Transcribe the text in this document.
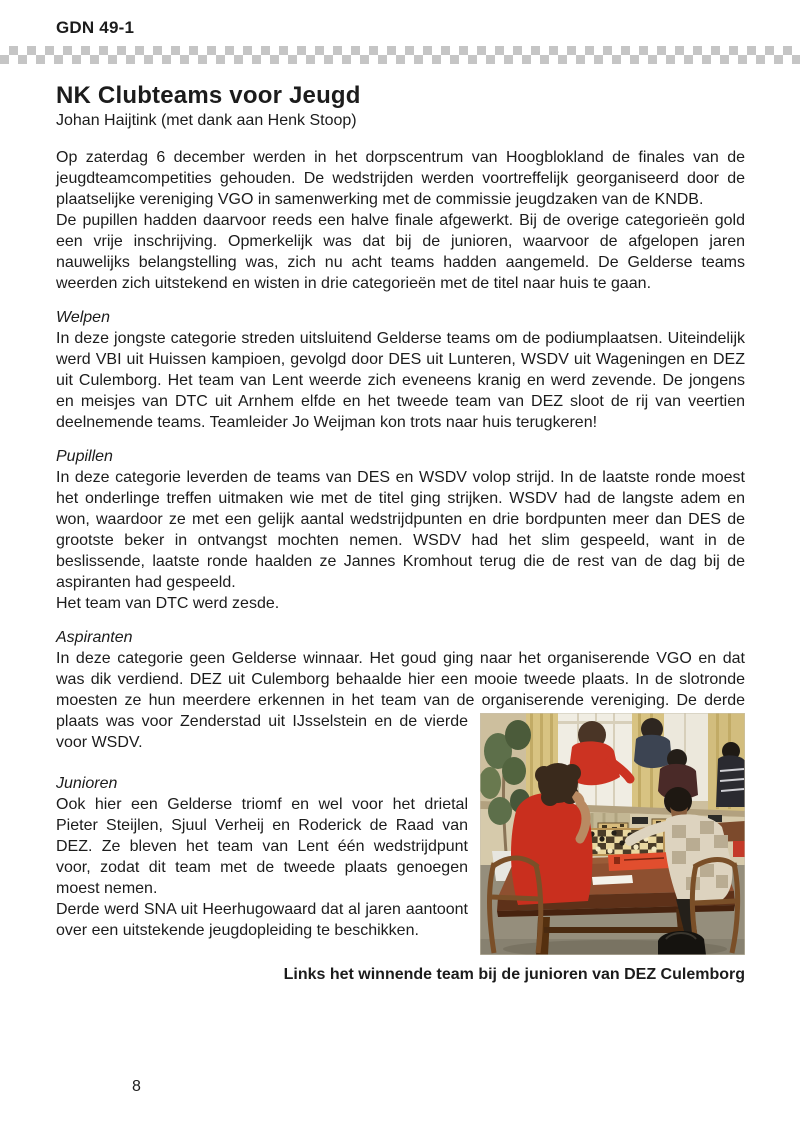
GDN 49-1
NK Clubteams voor Jeugd
Johan Haijtink (met dank aan Henk Stoop)

Op zaterdag 6 december werden in het dorpscentrum van Hoogblokland de finales van de jeugdteamcompetities gehouden. De wedstrijden werden voortreffelijk georganiseerd door de plaatselijke vereniging VGO in samenwerking met de commissie jeugdzaken van de KNDB.

De pupillen hadden daarvoor reeds een halve finale afgewerkt. Bij de overige categorieën gold een vrije inschrijving. Opmerkelijk was dat bij de junioren, waarvoor de afgelopen jaren nauwelijks belangstelling was, zich nu acht teams hadden aangemeld. De Gelderse teams weerden zich uitstekend en wisten in drie categorieën met de titel naar huis te gaan.

Welpen

In deze jongste categorie streden uitsluitend Gelderse teams om de podiumplaatsen. Uiteindelijk werd VBI uit Huissen kampioen, gevolgd door DES uit Lunteren, WSDV uit Wageningen en DEZ uit Culemborg. Het team van Lent weerde zich eveneens kranig en werd zevende. De jongens en meisjes van DTC uit Arnhem elfde en het tweede team van DEZ sloot de rij van veertien deelnemende teams. Teamleider Jo Weijman kon trots naar huis terugkeren!

Pupillen

In deze categorie leverden de teams van DES en WSDV volop strijd. In de laatste ronde moest het onderlinge treffen uitmaken wie met de titel ging strijken. WSDV had de langste adem en won, waardoor ze met een gelijk aantal wedstrijdpunten en drie bordpunten meer dan DES de grootste beker in ontvangst mochten nemen. WSDV had het slim gespeeld, want in de beslissende, laatste ronde haalden ze Jannes Kromhout terug die de rest van de dag bij de aspiranten had gespeeld.

Het team van DTC werd zesde.

Aspiranten

In deze categorie geen Gelderse winnaar. Het goud ging naar het organiserende VGO en dat was dik verdiend. DEZ uit Culemborg behaalde hier een mooie tweede plaats. In de slotronde moesten ze hun meerdere erkennen in het team van de organiserende
vereniging. De derde plaats was voor Zenderstad uit IJsselstein en de vierde voor WSDV.

Junioren

Ook hier een Gelderse triomf en wel voor het drietal Pieter Steijlen, Sjuul Verheij en Roderick de Raad van DEZ. Ze bleven het team van Lent één wedstrijdpunt voor, zodat dit team met de tweede plaats genoegen moest nemen.

Derde werd SNA uit Heerhugowaard dat al jaren aantoont over een uitstekende jeugdopleiding te beschikken.

Links het winnende team bij de junioren van DEZ Culemborg
8
